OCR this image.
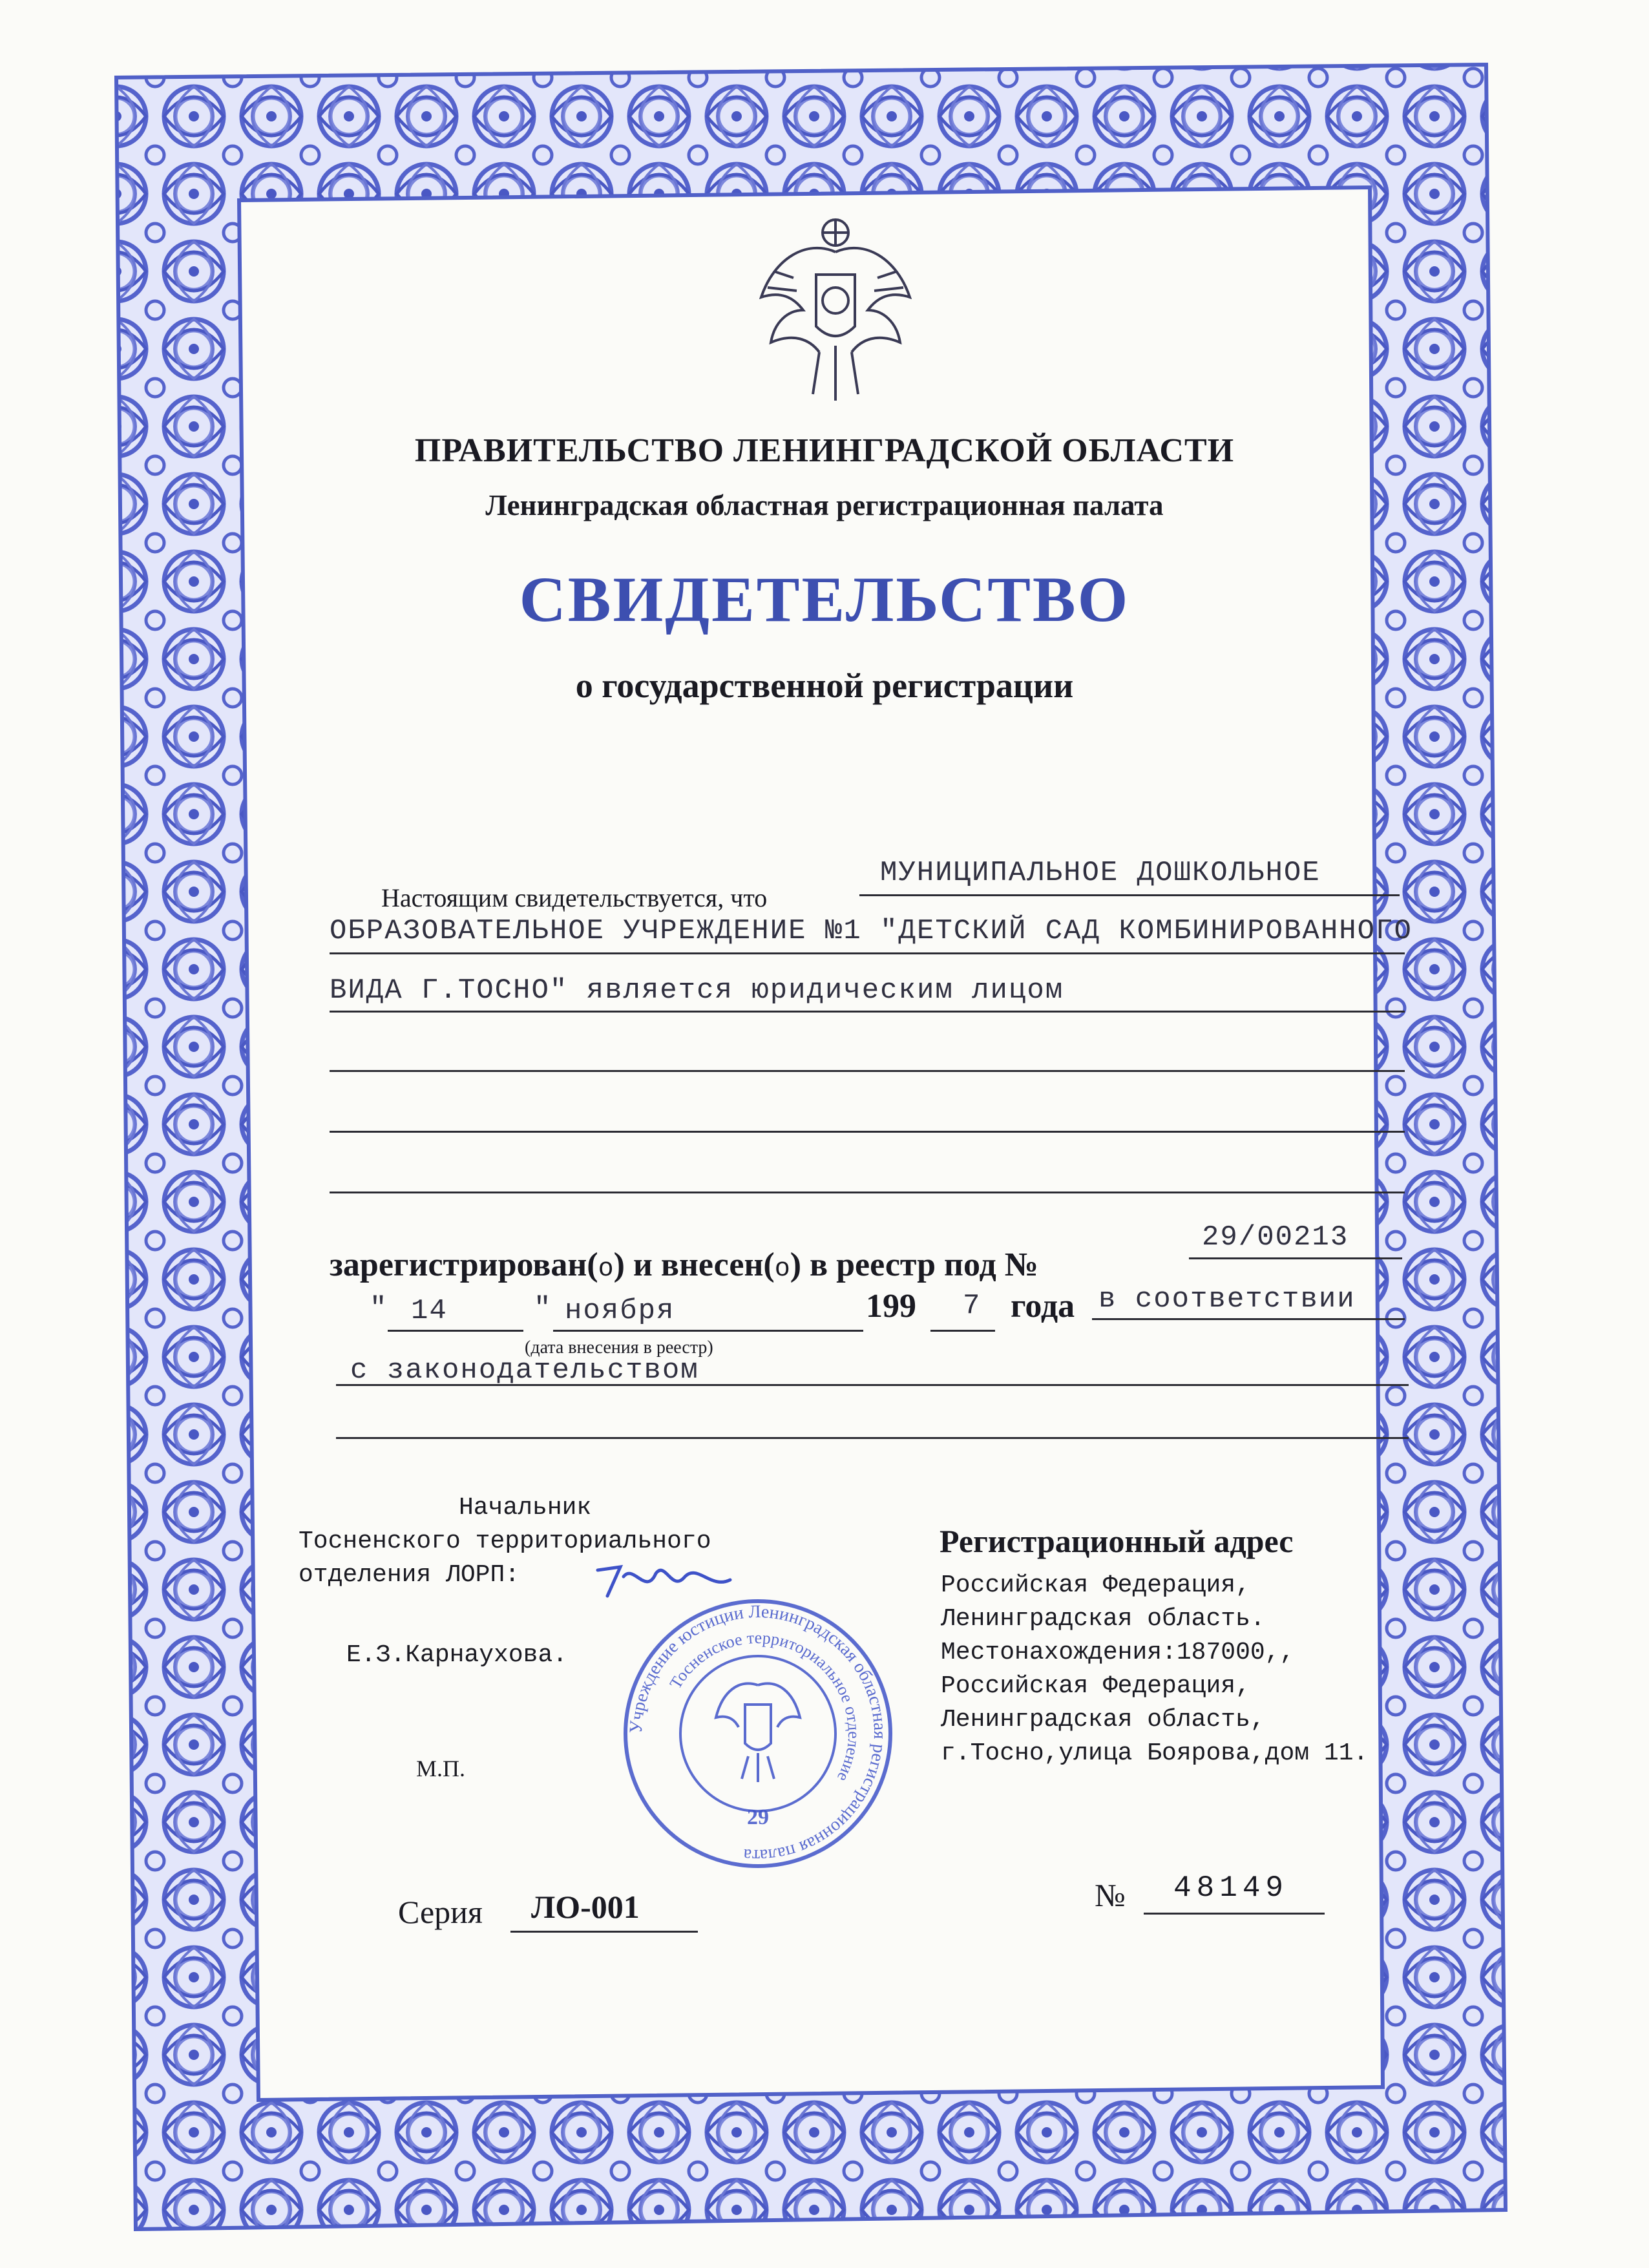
ПРАВИТЕЛЬСТВО ЛЕНИНГРАДСКОЙ ОБЛАСТИ
Ленинградская областная регистрационная палата
СВИДЕТЕЛЬСТВО
о государственной регистрации
Настоящим свидетельствуется, что
МУНИЦИПАЛЬНОЕ ДОШКОЛЬНОЕ
ОБРАЗОВАТЕЛЬНОЕ УЧРЕЖДЕНИЕ №1 "ДЕТСКИЙ САД КОМБИНИРОВАННОГО
ВИДА Г.ТОСНО" является юридическим лицом
зарегистрирован(о) и внесен(о) в реестр под №
29/00213
" 14	" ноября	199 7 года в соответствии
(дата внесения в реестр)
с законодательством
Начальник
Тосненского территориального
отделения ЛОРП:
Е.З.Карнаухова.
М.П.
Регистрационный адрес
Российская Федерация,
Ленинградская область.
Местонахождения:187000,,
Российская Федерация,
Ленинградская область,
г.Тосно,улица Боярова,дом 11.
Учреждение юстиции Ленинградская областная регистрационная палата
Тосненское территориальное отделение
29
Серия ЛО-001	№ 48149
